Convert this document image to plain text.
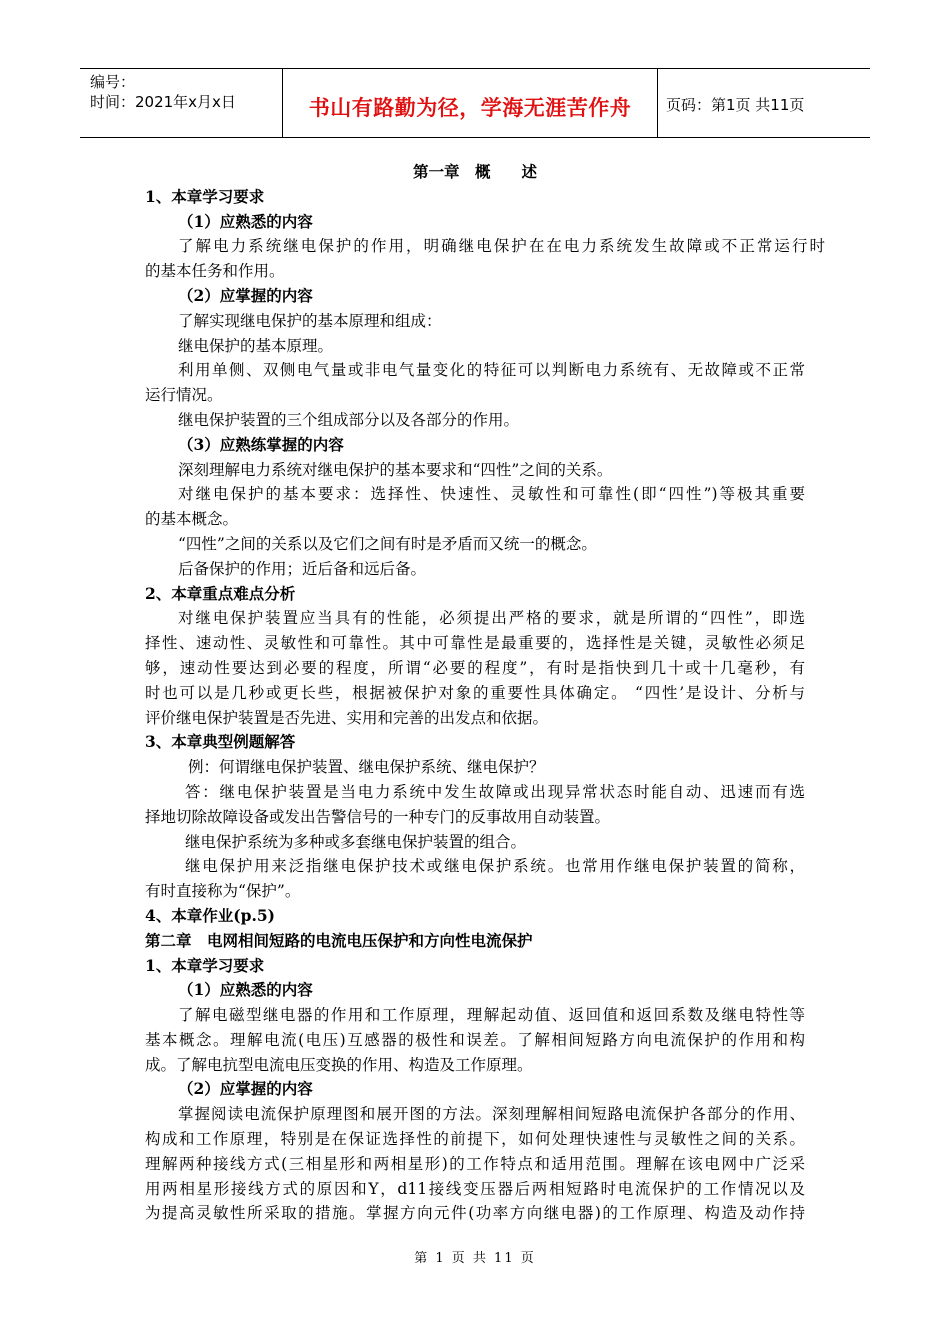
编号：
时间：2021年x月x日	书山有路勤为径，学海无涯苦作舟	页码：第1页 共11页
第一章　概　　述
1、本章学习要求
（1）应熟悉的内容
了解电力系统继电保护的作用，明确继电保护在在电力系统发生故障或不正常运行时
的基本任务和作用。
（2）应掌握的内容
了解实现继电保护的基本原理和组成：
继电保护的基本原理。
利用单侧、双侧电气量或非电气量变化的特征可以判断电力系统有、无故障或不正常
运行情况。
继电保护装置的三个组成部分以及各部分的作用。
（3）应熟练掌握的内容
深刻理解电力系统对继电保护的基本要求和“四性”之间的关系。
对继电保护的基本要求：选择性、快速性、灵敏性和可靠性(即“四性”)等极其重要
的基本概念。
“四性”之间的关系以及它们之间有时是矛盾而又统一的概念。
后备保护的作用；近后备和远后备。
2、本章重点难点分析
对继电保护装置应当具有的性能，必须提出严格的要求，就是所谓的“四性”，即选
择性、速动性、灵敏性和可靠性。其中可靠性是最重要的，选择性是关键，灵敏性必须足
够，速动性要达到必要的程度，所谓“必要的程度”，有时是指快到几十或十几毫秒，有
时也可以是几秒或更长些，根据被保护对象的重要性具体确定。 “四性’是设计、分析与
评价继电保护装置是否先进、实用和完善的出发点和依据。
3、本章典型例题解答
例：何谓继电保护装置、继电保护系统、继电保护？
答：继电保护装置是当电力系统中发生故障或出现异常状态时能自动、迅速而有选
择地切除故障设备或发出告警信号的一种专门的反事故用自动装置。
继电保护系统为多种或多套继电保护装置的组合。
继电保护用来泛指继电保护技术或继电保护系统。也常用作继电保护装置的简称，
有时直接称为“保护”。
4、本章作业(p.5)
第二章　电网相间短路的电流电压保护和方向性电流保护
1、本章学习要求
（1）应熟悉的内容
了解电磁型继电器的作用和工作原理，理解起动值、返回值和返回系数及继电特性等
基本概念。理解电流(电压)互感器的极性和误差。了解相间短路方向电流保护的作用和构
成。了解电抗型电流电压变换的作用、构造及工作原理。
（2）应掌握的内容
掌握阅读电流保护原理图和展开图的方法。深刻理解相间短路电流保护各部分的作用、
构成和工作原理，特别是在保证选择性的前提下，如何处理快速性与灵敏性之间的关系。
理解两种接线方式(三相星形和两相星形)的工作特点和适用范围。理解在该电网中广泛采
用两相星形接线方式的原因和Y，d11接线变压器后两相短路时电流保护的工作情况以及
为提高灵敏性所采取的措施。掌握方向元件(功率方向继电器)的工作原理、构造及动作持
第 1 页 共 11 页
